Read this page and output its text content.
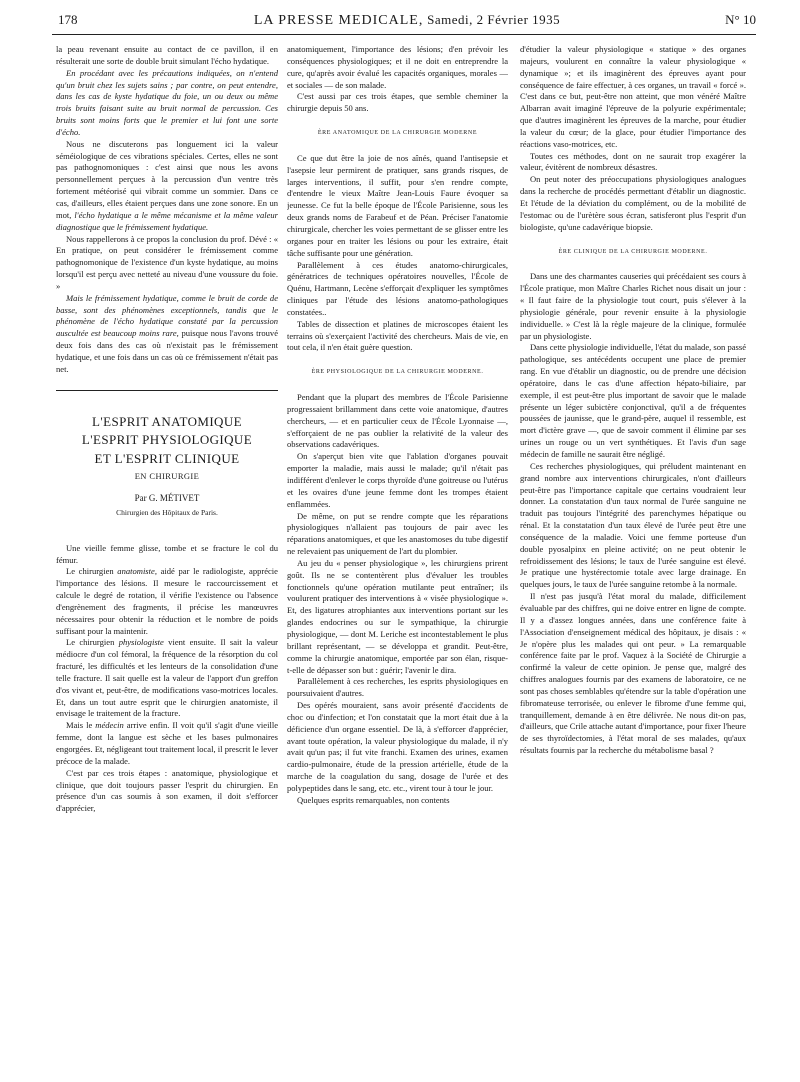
178	LA PRESSE MEDICALE, Samedi, 2 Février 1935	N° 10

la peau revenant ensuite au contact de ce pavillon, il en résulterait une sorte de double bruit simulant l'écho hydatique.

En procédant avec les précautions indiquées, on n'entend qu'un bruit chez les sujets sains ; par contre, on peut entendre, dans les cas de kyste hydatique du foie, un ou deux ou même trois bruits faisant suite au bruit normal de percussion. Ces bruits sont moins forts que le premier et lui font une sorte d'écho.

Nous ne discuterons pas longuement ici la valeur séméiologique de ces vibrations spéciales. Certes, elles ne sont pas pathognomoniques : c'est ainsi que nous les avons personnellement perçues à la percussion d'un ventre très fortement météorisé qui vibrait comme un sommier. Dans ce cas, d'ailleurs, elles étaient perçues dans une zone sonore. En un mot, l'écho hydatique a le même mécanisme et la même valeur diagnostique que le frémissement hydatique.

Nous rappellerons à ce propos la conclusion du prof. Dévé : « En pratique, on peut considérer le frémissement comme pathognomonique de l'existence d'un kyste hydatique, au moins lorsqu'il est perçu avec netteté au niveau d'une voussure du foie. »

Mais le frémissement hydatique, comme le bruit de corde de basse, sont des phénomènes exceptionnels, tandis que le phénomène de l'écho hydatique constaté par la percussion auscultée est beaucoup moins rare, puisque nous l'avons trouvé deux fois dans des cas où n'existait pas le frémissement hydatique, et une fois dans un cas où ce frémissement n'était pas net.

L'ESPRIT ANATOMIQUE
L'ESPRIT PHYSIOLOGIQUE
ET L'ESPRIT CLINIQUE
EN CHIRURGIE
Par G. MÉTIVET
Chirurgien des Hôpitaux de Paris.

Une vieille femme glisse, tombe et se fracture le col du fémur.

Le chirurgien anatomiste, aidé par le radiologiste, apprécie l'importance des lésions. Il mesure le raccourcissement et calcule le degré de rotation, il vérifie l'existence ou l'absence d'engrènement des fragments, il précise les manœuvres nécessaires pour obtenir la réduction et le nombre de poids suffisant pour la maintenir.

Le chirurgien physiologiste vient ensuite. Il sait la valeur médiocre d'un col fémoral, la fréquence de la résorption du col fracturé, les difficultés et les lenteurs de la consolidation d'une telle fracture. Il sait quelle est la valeur de l'apport d'un greffon d'os vivant et, peut-être, de modifications vaso-motrices locales. Et, dans un tout autre esprit que le chirurgien anatomiste, il envisage le traitement de la fracture.

Mais le médecin arrive enfin. Il voit qu'il s'agit d'une vieille femme, dont la langue est sèche et les bases pulmonaires engorgées. Et, négligeant tout traitement local, il prescrit le lever précoce de la malade.

C'est par ces trois étapes : anatomique, physiologique et clinique, que doit toujours passer l'esprit du chirurgien. En présence d'un cas soumis à son examen, il doit s'efforcer d'apprécier,

anatomiquement, l'importance des lésions; d'en prévoir les conséquences physiologiques; et il ne doit en entreprendre la cure, qu'après avoir évalué les capacités organiques, morales — et sociales — de son malade.

C'est aussi par ces trois étapes, que semble cheminer la chirurgie depuis 50 ans.

ÈRE ANATOMIQUE DE LA CHIRURGIE MODERNE

Ce que dut être la joie de nos aînés, quand l'antisepsie et l'asepsie leur permirent de pratiquer, sans grands risques, de larges interventions, il suffit, pour s'en rendre compte, d'entendre le vieux Maître Jean-Louis Faure évoquer sa jeunesse. Ce fut la belle époque de l'École Parisienne, sous les deux grands noms de Farabeuf et de Péan. Préciser l'anatomie chirurgicale, chercher les voies permettant de se glisser entre les organes pour en traiter les lésions ou pour les extraire, était tâche suffisante pour une génération.

Parallèlement à ces études anatomo-chirurgicales, génératrices de techniques opératoires nouvelles, l'École de Quénu, Hartmann, Lecène s'efforçait d'expliquer les symptômes cliniques par l'étude des lésions anatomo-pathologiques constatées..

Tables de dissection et platines de microscopes étaient les terrains où s'exerçaient l'activité des chercheurs. Mais de vie, en tout cela, il n'en était guère question.

ÈRE PHYSIOLOGIQUE DE LA CHIRURGIE MODERNE.

Pendant que la plupart des membres de l'École Parisienne progressaient brillamment dans cette voie anatomique, d'autres chercheurs, — et en particulier ceux de l'École Lyonnaise —, s'efforçaient de ne pas oublier la relativité de la valeur des observations cadavériques.

On s'aperçut bien vite que l'ablation d'organes pouvait emporter la maladie, mais aussi le malade; qu'il n'était pas indifférent d'enlever le corps thyroïde d'une goitreuse ou l'utérus et les ovaires d'une jeune femme dont les trompes étaient enflammées.

De même, on put se rendre compte que les réparations physiologiques n'allaient pas toujours de pair avec les réparations anatomiques, et que les anastomoses du tube digestif ne relevaient pas uniquement de l'art du plombier.

Au jeu du « penser physiologique », les chirurgiens prirent goût. Ils ne se contentèrent plus d'évaluer les troubles fonctionnels qu'une opération mutilante peut entraîner; ils voulurent pratiquer des interventions à « visée physiologique ». Et, des ligatures atrophiantes aux interventions portant sur les glandes endocrines ou sur le sympathique, la chirurgie physiologique, — dont M. Leriche est incontestablement le plus brillant représentant, — se développa et grandit. Peut-être, comme la chirurgie anatomique, emportée par son élan, risque-t-elle de dépasser son but : guérir; l'avenir le dira.

Parallèlement à ces recherches, les esprits physiologiques en poursuivaient d'autres.

Des opérés mouraient, sans avoir présenté d'accidents de choc ou d'infection; et l'on constatait que la mort était due à la déficience d'un organe essentiel. De là, à s'efforcer d'apprécier, avant toute opération, la valeur physiologique du malade, il n'y avait qu'un pas; il fut vite franchi. Examen des urines, examen cardio-pulmonaire, étude de la pression artérielle, étude de la marche de la coagulation du sang, dosage de l'urée et des polypeptides dans le sang, etc. etc., virent tour à tour le jour.

Quelques esprits remarquables, non contents

d'étudier la valeur physiologique « statique » des organes majeurs, voulurent en connaître la valeur physiologique « dynamique »; et ils imaginèrent des épreuves ayant pour conséquence de faire effectuer, à ces organes, un travail « forcé ». C'est dans ce but, peut-être non atteint, que mon vénéré Maître Albarran avait imaginé l'épreuve de la polyurie expérimentale; que d'autres imaginèrent les épreuves de la marche, pour étudier la valeur du cœur; de la glace, pour étudier l'importance des réactions vaso-motrices, etc.

Toutes ces méthodes, dont on ne saurait trop exagérer la valeur, évitèrent de nombreux désastres.

On peut noter des préoccupations physiologiques analogues dans la recherche de procédés permettant d'établir un diagnostic. Et l'étude de la déviation du complément, ou de la mobilité de l'estomac ou de l'urètère sous écran, satisferont plus l'esprit d'un biologiste, qu'une cadavérique biopsie.

ÈRE CLINIQUE DE LA CHIRURGIE MODERNE.

Dans une des charmantes causeries qui précédaient ses cours à l'École pratique, mon Maître Charles Richet nous disait un jour : « Il faut faire de la physiologie tout court, puis s'élever à la physiologie générale, pour revenir ensuite à la physiologie individuelle. » C'est là la règle majeure de la clinique, formulée par un physiologiste.

Dans cette physiologie individuelle, l'état du malade, son passé pathologique, ses antécédents occupent une place de premier rang. En vue d'établir un diagnostic, ou de prendre une décision opératoire, dans le cas d'une affection hépato-biliaire, par exemple, il est peut-être plus important de savoir que le malade présente un léger subictère conjonctival, qu'il a de fréquentes poussées de jaunisse, que le grand-père, auquel il ressemble, est mort d'ictère grave —, que de savoir comment il élimine par ses urines un rouge ou un vert synthétiques. Et l'avis d'un sage médecin de famille ne saurait être négligé.

Ces recherches physiologiques, qui préludent maintenant en grand nombre aux interventions chirurgicales, n'ont d'ailleurs peut-être pas l'importance capitale que certains voudraient leur donner. La constatation d'un taux normal de l'urée sanguine ne traduit pas toujours l'intégrité des parenchymes hépatique ou rénal. Et la constatation d'un taux élevé de l'urée peut être une conséquence de la maladie. Voici une femme porteuse d'un double pyosalpinx en pleine activité; on ne peut obtenir le refroidissement des lésions; le taux de l'urée sanguine est élevé. Je pratique une hystérectomie totale avec large drainage. En quelques jours, le taux de l'urée sanguine retombe à la normale.

Il n'est pas jusqu'à l'état moral du malade, difficilement évaluable par des chiffres, qui ne doive entrer en ligne de compte. Il y a d'assez longues années, dans une conférence faite à l'Association d'enseignement médical des hôpitaux, je disais : « Je n'opère plus les malades qui ont peur. » La remarquable conférence faite par le prof. Vaquez à la Société de Chirurgie a confirmé la valeur de cette opinion. Je pense que, malgré des chiffres analogues fournis par des examens de laboratoire, ce ne sont pas choses semblables qu'étendre sur la table d'opération une fibromateuse terrorisée, ou enlever le fibrome d'une femme qui, tranquillement, demande à en être délivrée. Ne nous dit-on pas, d'ailleurs, que Crile attache autant d'importance, pour fixer l'heure de ses thyroïdectomies, à l'état moral de ses malades, qu'aux résultats fournis par la recherche du métabolisme basal ?
